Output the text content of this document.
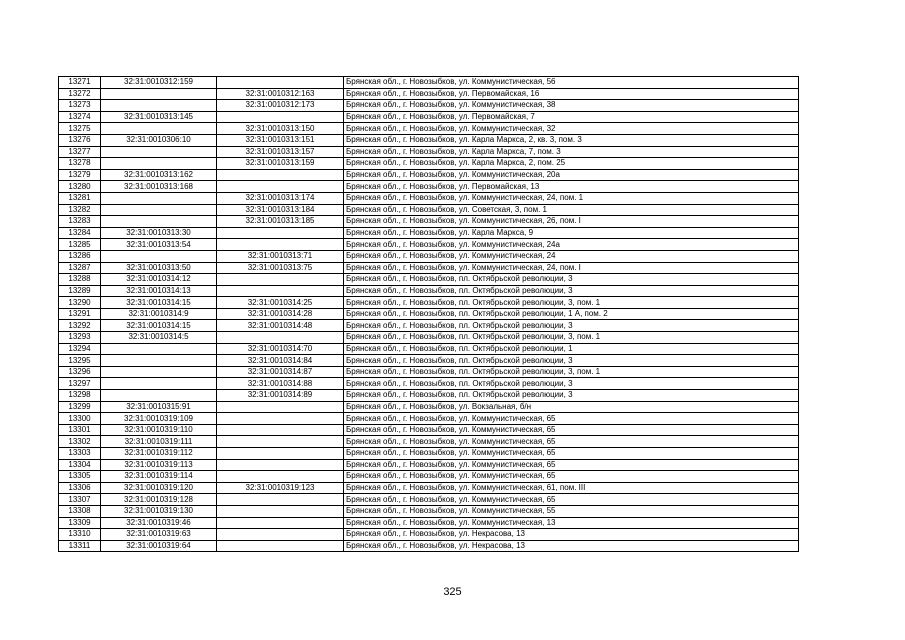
13271	32:31:0010312:159		Брянская обл., г. Новозыбков, ул. Коммунистическая, 56
13272		32:31:0010312:163	Брянская обл., г. Новозыбков, ул. Первомайская, 16
13273		32:31:0010312:173	Брянская обл., г. Новозыбков, ул. Коммунистическая, 38
13274	32:31:0010313:145		Брянская обл., г. Новозыбков, ул. Первомайская, 7
13275		32:31:0010313:150	Брянская обл., г. Новозыбков, ул. Коммунистическая, 32
13276	32:31:0010306:10	32:31:0010313:151	Брянская обл., г. Новозыбков, ул. Карла Маркса, 2, кв. 3, пом. 3
13277		32:31:0010313:157	Брянская обл., г. Новозыбков, ул. Карла Маркса, 7, пом. 3
13278		32:31:0010313:159	Брянская обл., г. Новозыбков, ул. Карла Маркса, 2, пом. 25
13279	32:31:0010313:162		Брянская обл., г. Новозыбков, ул. Коммунистическая, 20а
13280	32:31:0010313:168		Брянская обл., г. Новозыбков, ул. Первомайская, 13
13281		32:31:0010313:174	Брянская обл., г. Новозыбков, ул. Коммунистическая, 24, пом. 1
13282		32:31:0010313:184	Брянская обл., г. Новозыбков, ул. Советская, 3, пом. 1
13283		32:31:0010313:185	Брянская обл., г. Новозыбков, ул. Коммунистическая, 26, пом. I
13284	32:31:0010313:30		Брянская обл., г. Новозыбков, ул. Карла Маркса, 9
13285	32:31:0010313:54		Брянская обл., г. Новозыбков, ул. Коммунистическая, 24а
13286		32:31:0010313:71	Брянская обл., г. Новозыбков, ул. Коммунистическая, 24
13287	32:31:0010313:50	32:31:0010313:75	Брянская обл., г. Новозыбков, ул. Коммунистическая, 24, пом. I
13288	32:31:0010314:12		Брянская обл., г. Новозыбков, пл. Октябрьской революции, 3
13289	32:31:0010314:13		Брянская обл., г. Новозыбков, пл. Октябрьской революции, 3
13290	32:31:0010314:15	32:31:0010314:25	Брянская обл., г. Новозыбков, пл. Октябрьской революции, 3, пом. 1
13291	32:31:0010314:9	32:31:0010314:28	Брянская обл., г. Новозыбков, пл. Октябрьской революции, 1 А, пом. 2
13292	32:31:0010314:15	32:31:0010314:48	Брянская обл., г. Новозыбков, пл. Октябрьской революции, 3
13293	32:31:0010314:5		Брянская обл., г. Новозыбков, пл. Октябрьской революции, 3, пом. 1
13294		32:31:0010314:70	Брянская обл., г. Новозыбков, пл. Октябрьской революции, 1
13295		32:31:0010314:84	Брянская обл., г. Новозыбков, пл. Октябрьской революции, 3
13296		32:31:0010314:87	Брянская обл., г. Новозыбков, пл. Октябрьской революции, 3, пом. 1
13297		32:31:0010314:88	Брянская обл., г. Новозыбков, пл. Октябрьской революции, 3
13298		32:31:0010314:89	Брянская обл., г. Новозыбков, пл. Октябрьской революции, 3
13299	32:31:0010315:91		Брянская обл., г. Новозыбков, ул. Вокзальная, б/н
13300	32:31:0010319:109		Брянская обл., г. Новозыбков, ул. Коммунистическая, 65
13301	32:31:0010319:110		Брянская обл., г. Новозыбков, ул. Коммунистическая, 65
13302	32:31:0010319:111		Брянская обл., г. Новозыбков, ул. Коммунистическая, 65
13303	32:31:0010319:112		Брянская обл., г. Новозыбков, ул. Коммунистическая, 65
13304	32:31:0010319:113		Брянская обл., г. Новозыбков, ул. Коммунистическая, 65
13305	32:31:0010319:114		Брянская обл., г. Новозыбков, ул. Коммунистическая, 65
13306	32:31:0010319:120	32:31:0010319:123	Брянская обл., г. Новозыбков, ул. Коммунистическая, 61, пом. III
13307	32:31:0010319:128		Брянская обл., г. Новозыбков, ул. Коммунистическая, 65
13308	32:31:0010319:130		Брянская обл., г. Новозыбков, ул. Коммунистическая, 55
13309	32:31:0010319:46		Брянская обл., г. Новозыбков, ул. Коммунистическая, 13
13310	32:31:0010319:63		Брянская обл., г. Новозыбков, ул. Некрасова, 13
13311	32:31:0010319:64		Брянская обл., г. Новозыбков, ул. Некрасова, 13
325
